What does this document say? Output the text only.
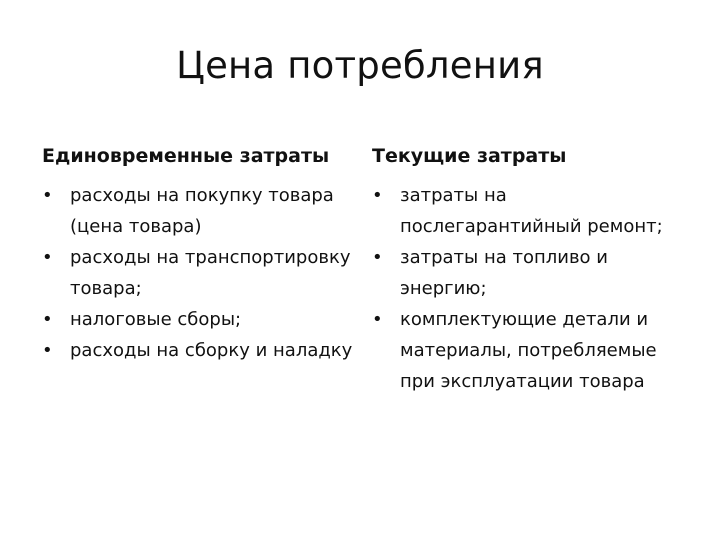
Цена потребления
Единовременные затраты
• расходы на покупку товара (цена товара)
• расходы на транспортировку товара;
• налоговые сборы;
• расходы на сборку и наладку
Текущие затраты
• затраты на послегарантийный ремонт;
• затраты на топливо и энергию;
• комплектующие детали и материалы, потребляемые при эксплуатации товара
